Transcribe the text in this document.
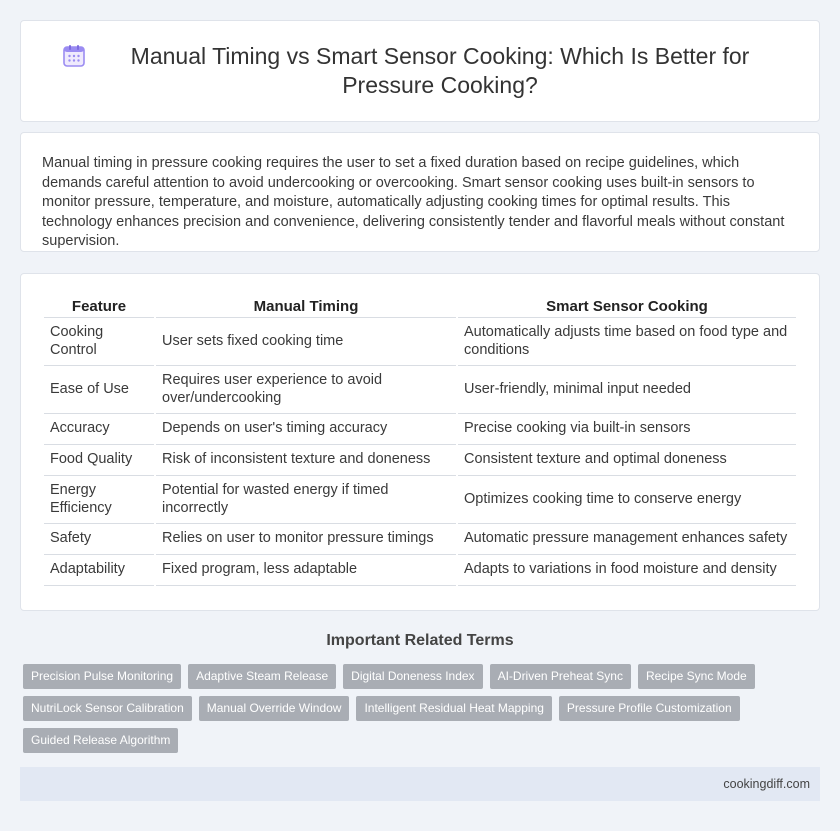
Manual Timing vs Smart Sensor Cooking: Which Is Better for Pressure Cooking?

Manual timing in pressure cooking requires the user to set a fixed duration based on recipe guidelines, which demands careful attention to avoid undercooking or overcooking. Smart sensor cooking uses built-in sensors to monitor pressure, temperature, and moisture, automatically adjusting cooking times for optimal results. This technology enhances precision and convenience, delivering consistently tender and flavorful meals without constant supervision.

Feature	Manual Timing	Smart Sensor Cooking
Cooking Control	User sets fixed cooking time	Automatically adjusts time based on food type and conditions
Ease of Use	Requires user experience to avoid over/undercooking	User-friendly, minimal input needed
Accuracy	Depends on user's timing accuracy	Precise cooking via built-in sensors
Food Quality	Risk of inconsistent texture and doneness	Consistent texture and optimal doneness
Energy Efficiency	Potential for wasted energy if timed incorrectly	Optimizes cooking time to conserve energy
Safety	Relies on user to monitor pressure timings	Automatic pressure management enhances safety
Adaptability	Fixed program, less adaptable	Adapts to variations in food moisture and density
Important Related Terms
Precision Pulse Monitoring	Adaptive Steam Release	Digital Doneness Index	AI-Driven Preheat Sync	Recipe Sync Mode
NutriLock Sensor Calibration	Manual Override Window	Intelligent Residual Heat Mapping	Pressure Profile Customization
Guided Release Algorithm
cookingdiff.com
